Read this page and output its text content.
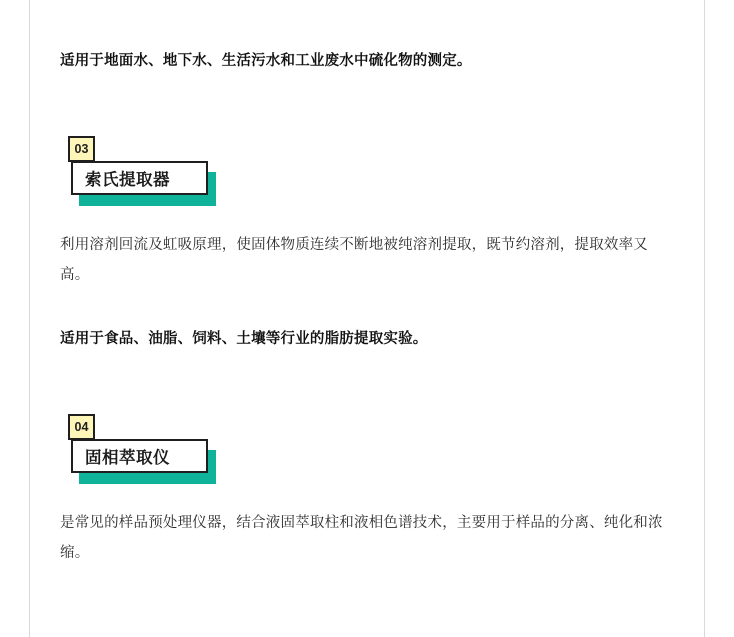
适用于地面水、地下水、生活污水和工业废水中硫化物的测定。
03
索氏提取器
利用溶剂回流及虹吸原理，使固体物质连续不断地被纯溶剂提取，既节约溶剂，提取效率又高。
适用于食品、油脂、饲料、土壤等行业的脂肪提取实验。
04
固相萃取仪
是常见的样品预处理仪器，结合液固萃取柱和液相色谱技术，主要用于样品的分离、纯化和浓缩。
